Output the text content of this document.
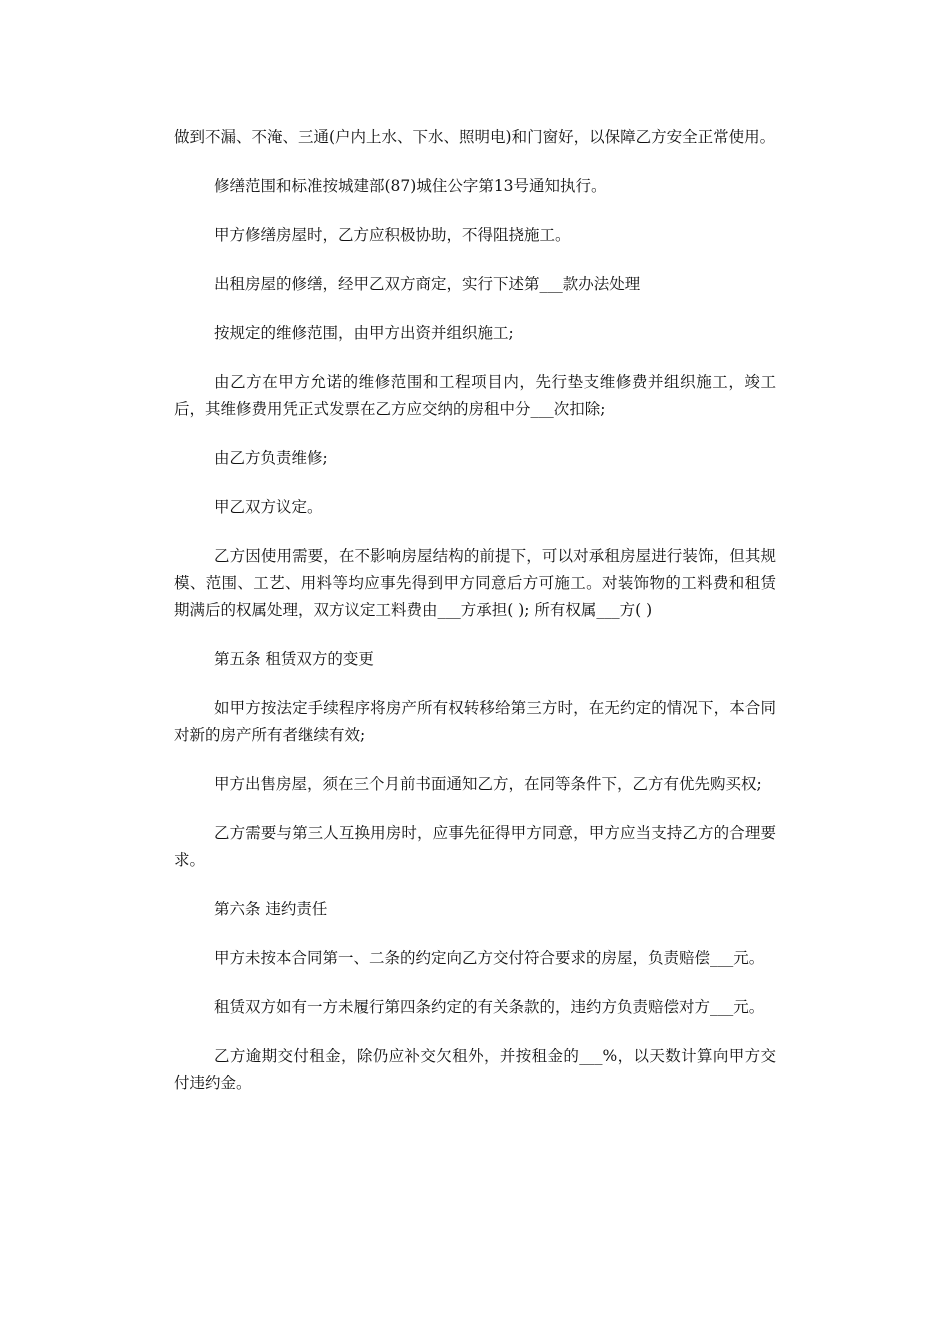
做到不漏、不淹、三通(户内上水、下水、照明电)和门窗好，以保障乙方安全正常使用。

修缮范围和标准按城建部(87)城住公字第13号通知执行。

甲方修缮房屋时，乙方应积极协助，不得阻挠施工。

出租房屋的修缮，经甲乙双方商定，实行下述第___款办法处理

按规定的维修范围，由甲方出资并组织施工;

由乙方在甲方允诺的维修范围和工程项目内，先行垫支维修费并组织施工，竣工后，其维修费用凭正式发票在乙方应交纳的房租中分___次扣除;

由乙方负责维修;

甲乙双方议定。

乙方因使用需要，在不影响房屋结构的前提下，可以对承租房屋进行装饰，但其规模、范围、工艺、用料等均应事先得到甲方同意后方可施工。对装饰物的工料费和租赁期满后的权属处理，双方议定工料费由___方承担( ); 所有权属___方( )

第五条 租赁双方的变更

如甲方按法定手续程序将房产所有权转移给第三方时，在无约定的情况下，本合同对新的房产所有者继续有效;

甲方出售房屋，须在三个月前书面通知乙方，在同等条件下，乙方有优先购买权;

乙方需要与第三人互换用房时，应事先征得甲方同意，甲方应当支持乙方的合理要求。

第六条 违约责任

甲方未按本合同第一、二条的约定向乙方交付符合要求的房屋，负责赔偿___元。

租赁双方如有一方未履行第四条约定的有关条款的，违约方负责赔偿对方___元。

乙方逾期交付租金，除仍应补交欠租外，并按租金的___%，以天数计算向甲方交付违约金。
